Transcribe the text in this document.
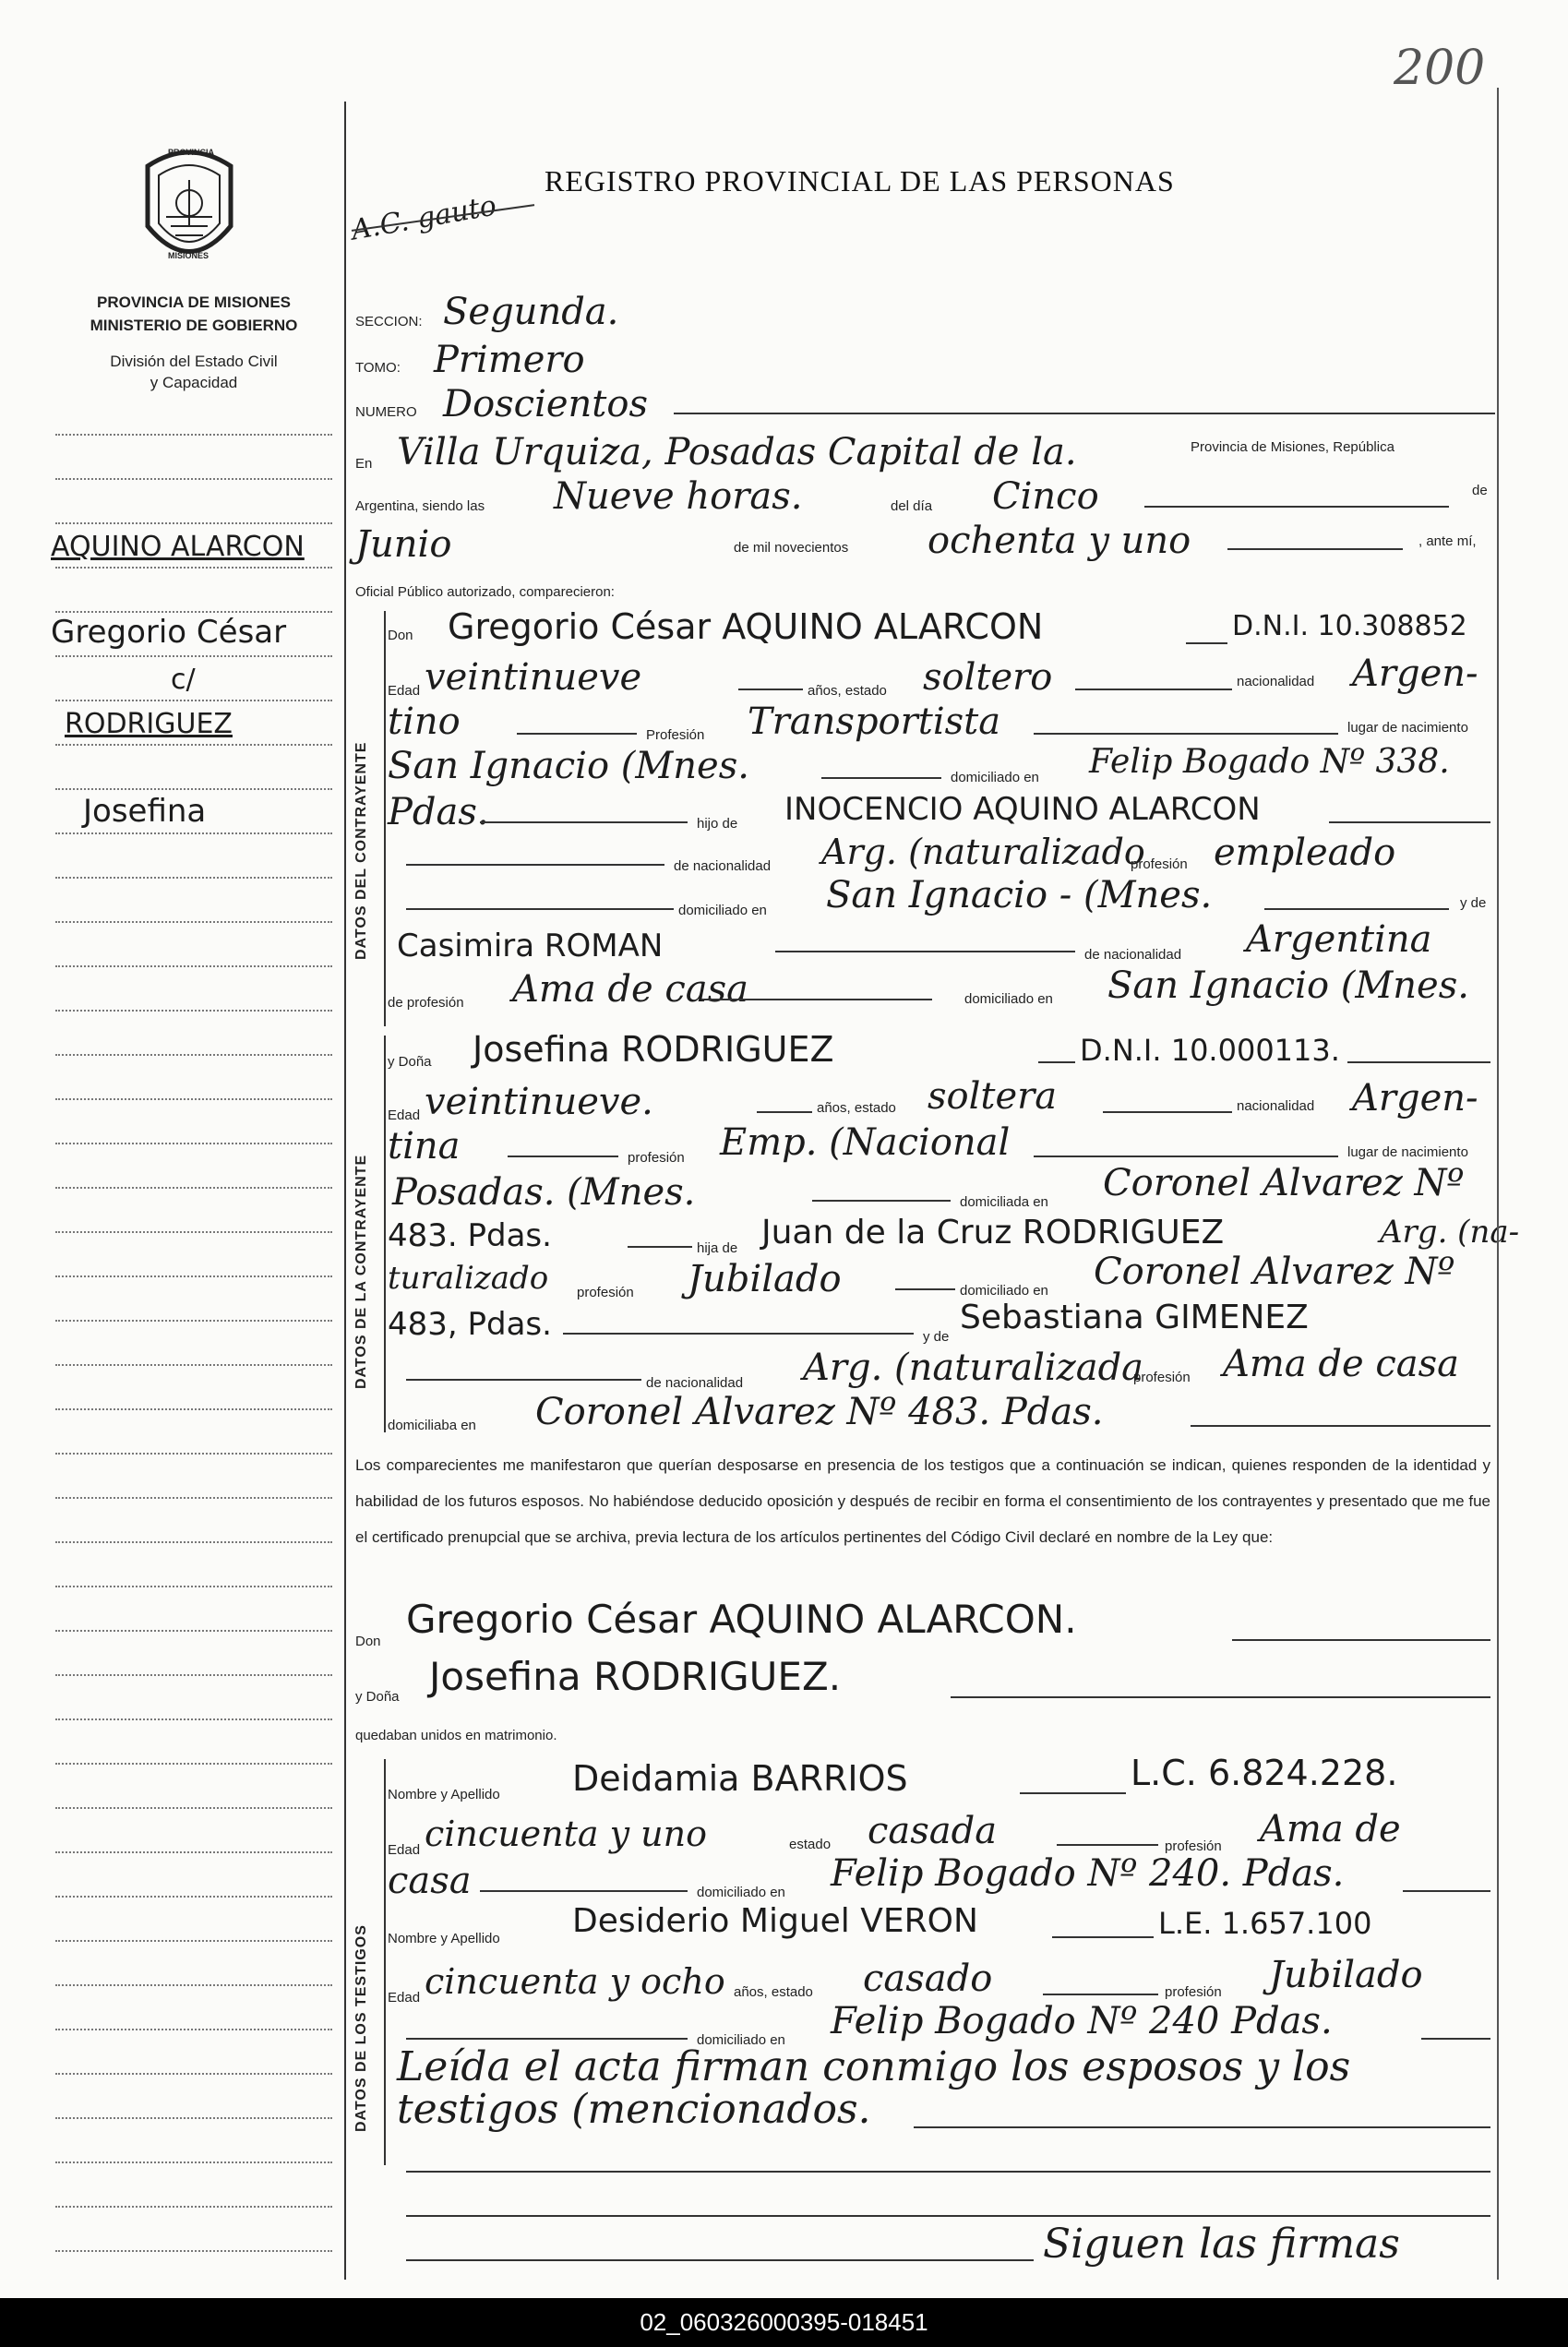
200
PROVINCIA
MISIONES
PROVINCIA DE MISIONES
MINISTERIO DE GOBIERNO
División del Estado Civil
y Capacidad
REGISTRO PROVINCIAL DE LAS PERSONAS
A.C. gauto
AQUINO ALARCON
Gregorio César
c/
RODRIGUEZ
Josefina
SECCION: Segunda.
TOMO: Primero
NUMERO Doscientos
En Villa Urquiza, Posadas Capital de la.	Provincia de Misiones, República
Argentina, siendo las Nueve horas.	del día Cinco	de
Junio	de mil novecientos ochenta y uno	, ante mí,
Oficial Público autorizado, comparecieron:
DATOS DEL CONTRAYENTE
Don Gregorio César AQUINO ALARCON	D.N.I. 10.308852
Edad veintinueve	años, estado soltero	nacionalidad Argen-
tino	Profesión Transportista	lugar de nacimiento
San Ignacio (Mnes.	domiciliado en Felip Bogado Nº 338.
Pdas.	hijo de INOCENCIO AQUINO ALARCON
de nacionalidad Arg. (naturalizado
profesión empleado
domiciliado en San Ignacio - (Mnes.	y de
Casimira ROMAN	de nacionalidad Argentina
de profesión Ama de casa	domiciliado en San Ignacio (Mnes.
DATOS DE LA CONTRAYENTE
y Doña Josefina RODRIGUEZ	D.N.I. 10.000113.
Edad veintinueve.	años, estado soltera	nacionalidad Argen-
tina	profesión Emp. (Nacional	lugar de nacimiento
Posadas. (Mnes.	domiciliada en Coronel Alvarez Nº
483. Pdas.	hija de Juan de la Cruz RODRIGUEZ	Arg. (na-
turalizado profesión Jubilado	domiciliado en Coronel Alvarez Nº
483, Pdas.	y de
Sebastiana GIMENEZ
de nacionalidad Arg. (naturalizada
profesión Ama de casa
domiciliaba en Coronel Alvarez Nº 483. Pdas.
Los comparecientes me manifestaron que querían desposarse en presencia de los testigos que a continuación se indican, quienes responden de la identidad y habilidad de los futuros esposos. No habiéndose deducido oposición y después de recibir en forma el consentimiento de los contrayentes y presentado que me fue el certificado prenupcial que se archiva, previa lectura de los artículos pertinentes del Código Civil declaré en nombre de la Ley que:
Don Gregorio César AQUINO ALARCON.
y Doña Josefina RODRIGUEZ.
quedaban unidos en matrimonio.
DATOS DE LOS TESTIGOS
Nombre y Apellido Deidamia BARRIOS	L.C. 6.824.228.
Edad cincuenta y uno	estado casada	profesión Ama de
casa	domiciliado en Felip Bogado Nº 240. Pdas.
Nombre y Apellido Desiderio Miguel VERON	L.E. 1.657.100
Edad cincuenta y ocho años, estado casado	profesión Jubilado
domiciliado en Felip Bogado Nº 240 Pdas.
Leída el acta firman conmigo los esposos y los
testigos (mencionados.
Siguen las firmas
02_060326000395-018451
